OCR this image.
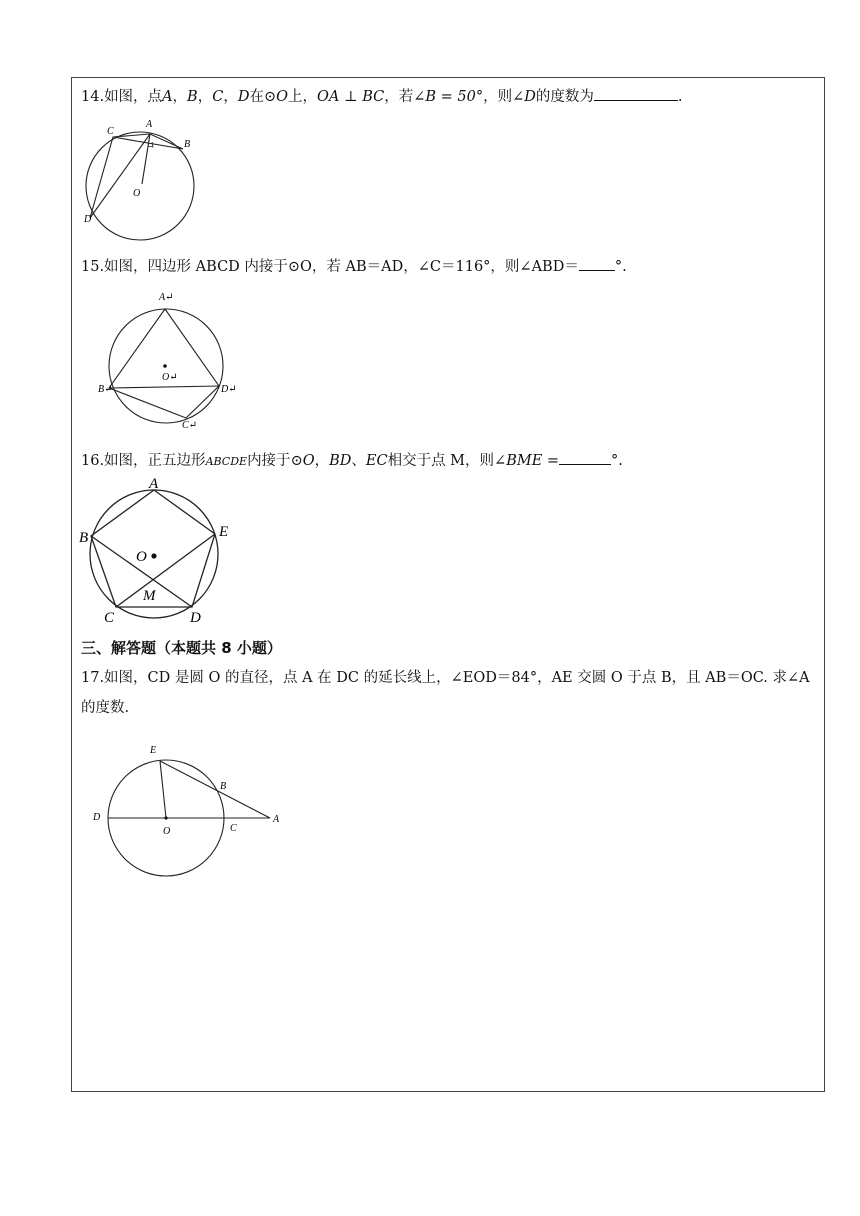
14.如图，点A，B，C，D在⊙O上，OA ⊥ BC，若∠B = 50°，则∠D的度数为	.
C
A
B
O
D
15.如图，四边形 ABCD 内接于⊙O，若 AB＝AD，∠C＝116°，则∠ABD＝ °.
A↵
B↵
O↵
D↵
C↵
16.如图，正五边形ABCDE内接于⊙O，BD、EC相交于点 M，则∠BME =	°.
A
B	E
O
M
C	D
三、解答题（本题共 8 小题）
17.如图，CD 是圆 O 的直径，点 A 在 DC 的延长线上，∠EOD＝84°，AE 交圆 O 于点 B，且 AB＝OC. 求∠A 的度数.
E
B
D
O	C
A
